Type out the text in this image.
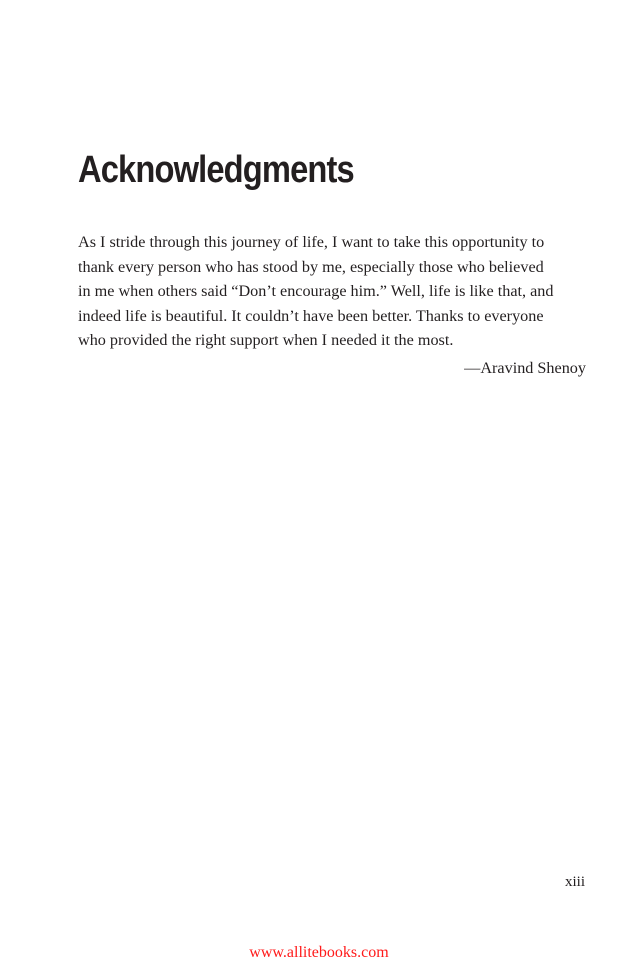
Acknowledgments

As I stride through this journey of life, I want to take this opportunity to
thank every person who has stood by me, especially those who believed
in me when others said “Don’t encourage him.” Well, life is like that, and
indeed life is beautiful. It couldn’t have been better. Thanks to everyone
who provided the right support when I needed it the most.

—Aravind Shenoy

xiii

www.allitebooks.com
